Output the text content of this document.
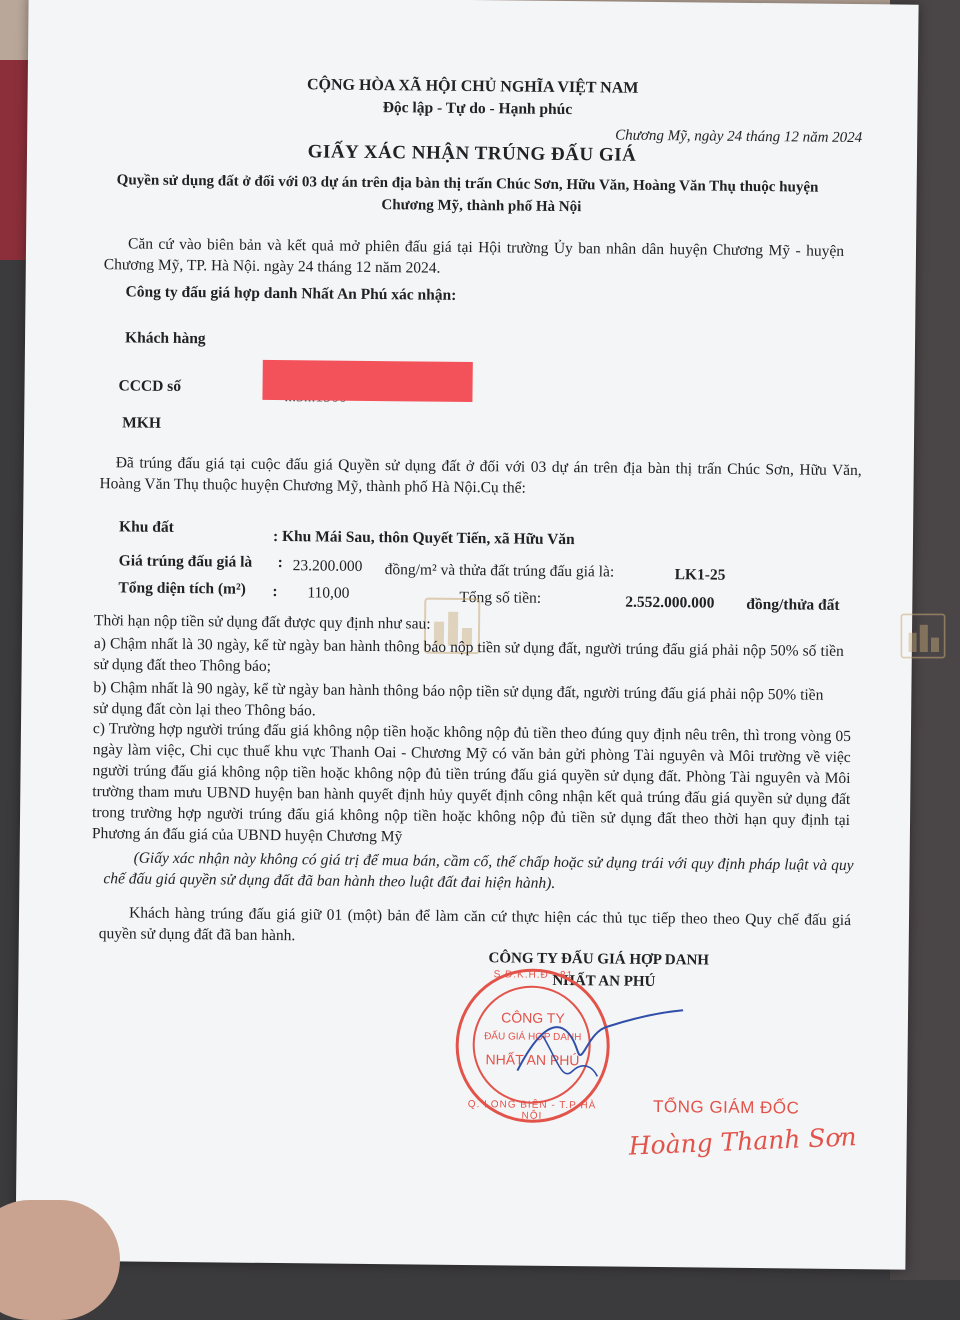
CỘNG HÒA XÃ HỘI CHỦ NGHĨA VIỆT NAM
Độc lập - Tự do - Hạnh phúc
Chương Mỹ, ngày 24 tháng 12 năm 2024
GIẤY XÁC NHẬN TRÚNG ĐẤU GIÁ
Quyền sử dụng đất ở đối với 03 dự án trên địa bàn thị trấn Chúc Sơn, Hữu Văn, Hoàng Văn Thụ thuộc huyện
Chương Mỹ, thành phố Hà Nội
Căn cứ vào biên bản và kết quả mở phiên đấu giá tại Hội trường Ủy ban nhân dân huyện Chương Mỹ - huyện Chương Mỹ, TP. Hà Nội. ngày 24 tháng 12 năm 2024.
Công ty đấu giá hợp danh Nhất An Phú xác nhận:
Khách hàng
CCCD số
MKH
Đã trúng đấu giá tại cuộc đấu giá Quyền sử dụng đất ở đối với 03 dự án trên địa bàn thị trấn Chúc Sơn, Hữu Văn, Hoàng Văn Thụ thuộc huyện Chương Mỹ, thành phố Hà Nội.Cụ thể:
Khu đất
: Khu Mái Sau, thôn Quyết Tiến, xã Hữu Văn
Giá trúng đấu giá là : 23.200.000 đồng/m² và thửa đất trúng đấu giá là:	LK1-25
Tổng diện tích (m²) : 110,00	Tổng số tiền:	2.552.000.000 đồng/thửa đất
Thời hạn nộp tiền sử dụng đất được quy định như sau:
a) Chậm nhất là 30 ngày, kể từ ngày ban hành thông báo nộp tiền sử dụng đất, người trúng đấu giá phải nộp 50% số tiền sử dụng đất theo Thông báo;
b) Chậm nhất là 90 ngày, kể từ ngày ban hành thông báo nộp tiền sử dụng đất, người trúng đấu giá phải nộp 50% tiền sử dụng đất còn lại theo Thông báo.
c) Trường hợp người trúng đấu giá không nộp tiền hoặc không nộp đủ tiền theo đúng quy định nêu trên, thì trong vòng 05 ngày làm việc, Chi cục thuế khu vực Thanh Oai - Chương Mỹ có văn bản gửi phòng Tài nguyên và Môi trường về việc người trúng đấu giá không nộp tiền hoặc không nộp đủ tiền trúng đấu giá quyền sử dụng đất. Phòng Tài nguyên và Môi trường tham mưu UBND huyện ban hành quyết định hủy quyết định công nhận kết quả trúng đấu giá quyền sử dụng đất trong trường hợp người trúng đấu giá không nộp tiền hoặc không nộp đủ tiền sử dụng đất theo thời hạn quy định tại Phương án đấu giá của UBND huyện Chương Mỹ
(Giấy xác nhận này không có giá trị để mua bán, cầm cố, thế chấp hoặc sử dụng trái với quy định pháp luật và quy chế đấu giá quyền sử dụng đất đã ban hành theo luật đất đai hiện hành).
Khách hàng trúng đấu giá giữ 01 (một) bản để làm căn cứ thực hiện các thủ tục tiếp theo theo Quy chế đấu giá quyền sử dụng đất đã ban hành.
CÔNG TY ĐẤU GIÁ HỢP DANH
NHẤT AN PHÚ
S.Đ.K.H.Đ : 81
CÔNG TY
ĐẤU GIÁ HỢP DANH
NHẤT AN PHÚ
Q. LONG BIÊN - T.P HÀ NỘI	TỔNG GIÁM ĐỐC
Hoàng Thanh Sơn
